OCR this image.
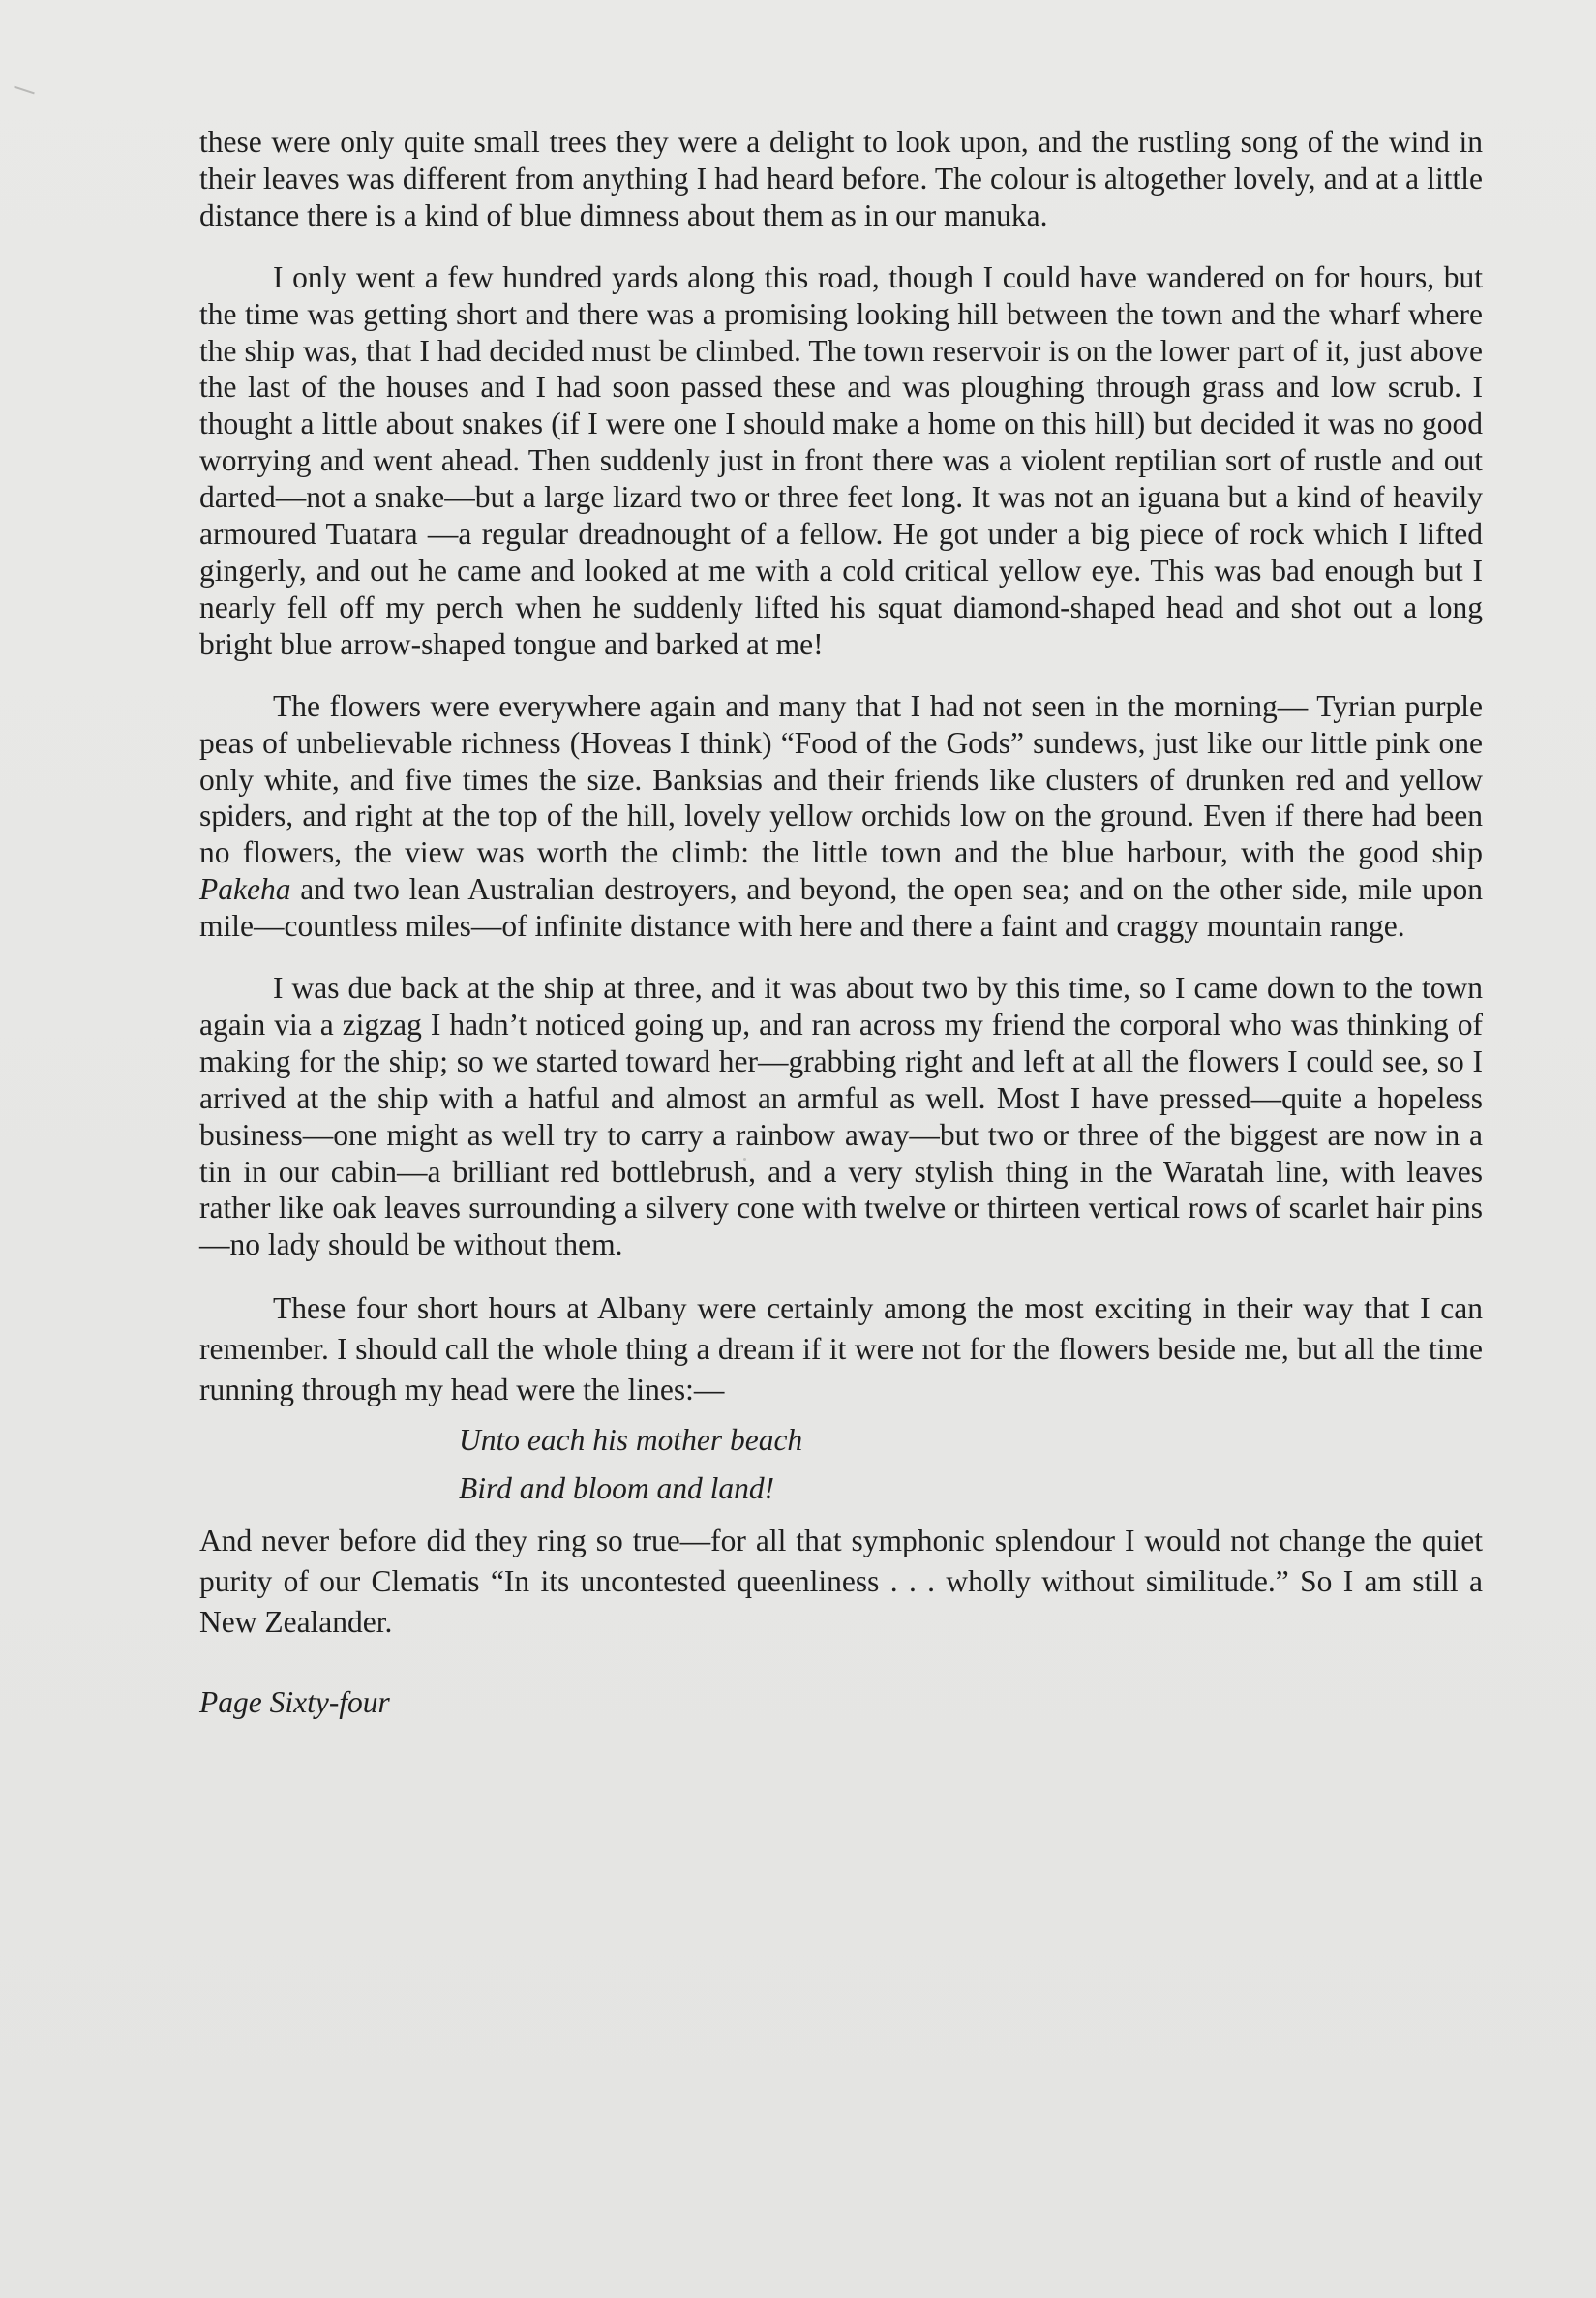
these were only quite small trees they were a delight to look upon, and the rustling song of the wind in their leaves was different from anything I had heard before. The colour is altogether lovely, and at a little distance there is a kind of blue dimness about them as in our manuka.

I only went a few hundred yards along this road, though I could have wandered on for hours, but the time was getting short and there was a promising looking hill between the town and the wharf where the ship was, that I had decided must be climbed. The town reservoir is on the lower part of it, just above the last of the houses and I had soon passed these and was ploughing through grass and low scrub. I thought a little about snakes (if I were one I should make a home on this hill) but decided it was no good worrying and went ahead. Then suddenly just in front there was a violent reptilian sort of rustle and out darted—not a snake—but a large lizard two or three feet long. It was not an iguana but a kind of heavily armoured Tuatara —a regular dreadnought of a fellow. He got under a big piece of rock which I lifted gingerly, and out he came and looked at me with a cold critical yellow eye. This was bad enough but I nearly fell off my perch when he suddenly lifted his squat diamond-shaped head and shot out a long bright blue arrow-shaped tongue and barked at me!

The flowers were everywhere again and many that I had not seen in the morning— Tyrian purple peas of unbelievable richness (Hoveas I think) “Food of the Gods” sundews, just like our little pink one only white, and five times the size. Banksias and their friends like clusters of drunken red and yellow spiders, and right at the top of the hill, lovely yellow orchids low on the ground. Even if there had been no flowers, the view was worth the climb: the little town and the blue harbour, with the good ship Pakeha and two lean Australian destroyers, and beyond, the open sea; and on the other side, mile upon mile—countless miles—of infinite distance with here and there a faint and craggy mountain range.

I was due back at the ship at three, and it was about two by this time, so I came down to the town again via a zigzag I hadn’t noticed going up, and ran across my friend the corporal who was thinking of making for the ship; so we started toward her—grabbing right and left at all the flowers I could see, so I arrived at the ship with a hatful and almost an armful as well. Most I have pressed—quite a hopeless business—one might as well try to carry a rainbow away—but two or three of the biggest are now in a tin in our cabin—a brilliant red bottlebrush, and a very stylish thing in the Waratah line, with leaves rather like oak leaves surrounding a silvery cone with twelve or thirteen vertical rows of scarlet hair pins—no lady should be without them.

These four short hours at Albany were certainly among the most exciting in their way that I can remember. I should call the whole thing a dream if it were not for the flowers beside me, but all the time running through my head were the lines:—

Unto each his mother beach
Bird and bloom and land!

And never before did they ring so true—for all that symphonic splendour I would not change the quiet purity of our Clematis “In its uncontested queenliness . . . wholly without similitude.” So I am still a New Zealander.

Page Sixty-four
